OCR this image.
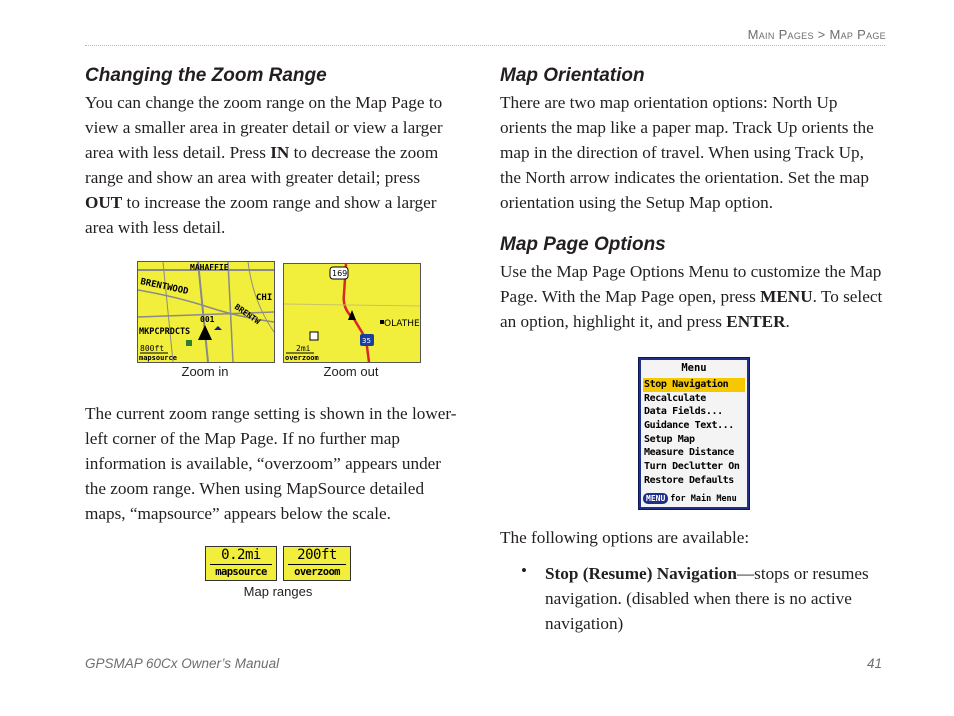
Main Pages > Map Page
Changing the Zoom Range

You can change the zoom range on the Map Page to view a smaller area in greater detail or view a larger area with less detail. Press IN to decrease the zoom range and show an area with greater detail; press OUT to increase the zoom range and show a larger area with less detail.

MAHAFFIE
BRENTWOOD
CHI
BRENTW
MKPCPRDCTS
001
800ft
mapsource
169
OLATHE
35
2mi
overzoom
Zoom in	Zoom out

The current zoom range setting is shown in the lower-left corner of the Map Page. If no further map information is available, “overzoom” appears under the zoom range. When using MapSource detailed maps, “mapsource” appears below the scale.

0.2mi
mapsource
200ft
overzoom
Map ranges
Map Orientation

There are two map orientation options: North Up orients the map like a paper map. Track Up orients the map in the direction of travel. When using Track Up, the North arrow indicates the orientation. Set the map orientation using the Setup Map option.

Map Page Options

Use the Map Page Options Menu to customize the Map Page. With the Map Page open, press MENU. To select an option, highlight it, and press ENTER.

Menu
Stop Navigation
Recalculate
Data Fields...
Guidance Text...
Setup Map
Measure Distance
Turn Declutter On
Restore Defaults
MENU for Main Menu

The following options are available:

• Stop (Resume) Navigation—stops or resumes navigation. (disabled when there is no active navigation)

GPSMAP 60Cx Owner’s Manual	41
